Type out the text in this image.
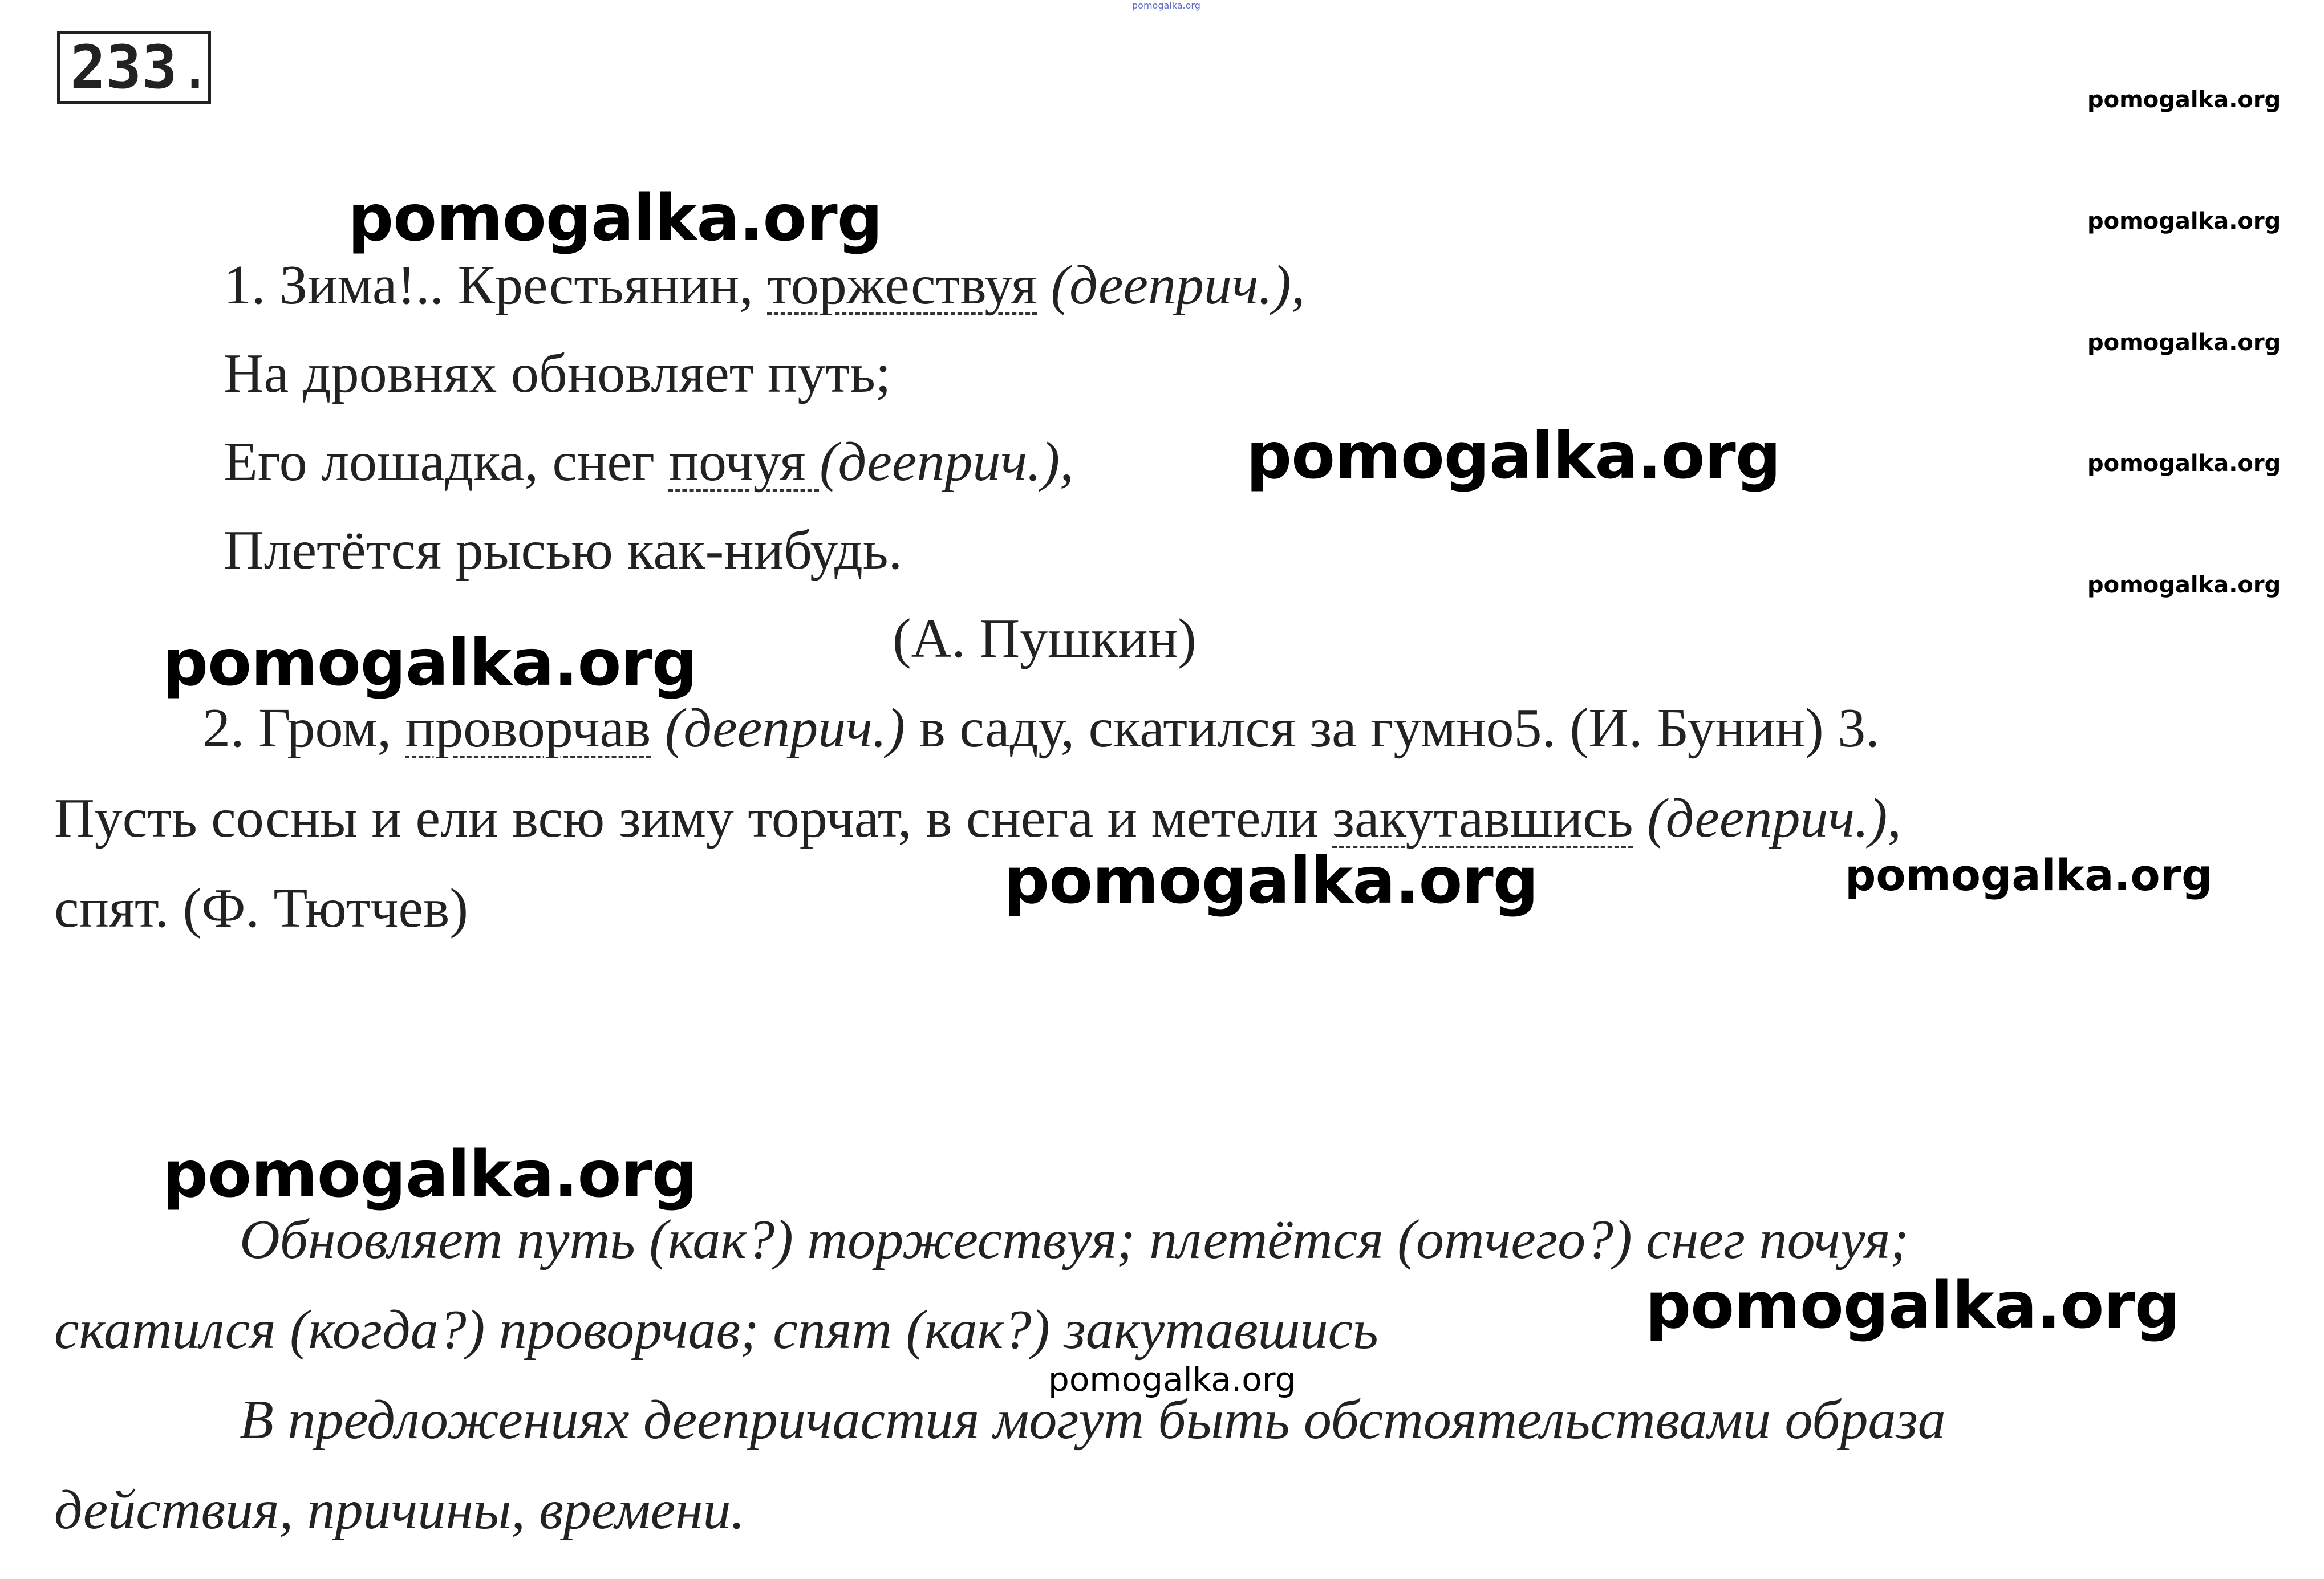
pomogalka.org
233.	pomogalka.org
pomogalka.org
pomogalka.org
pomogalka.org
pomogalka.org
pomogalka.org
pomogalka.org
pomogalka.org
pomogalka.org	pomogalka.org
pomogalka.org
pomogalka.org
pomogalka.org
1. Зима!.. Крестьянин, торжествуя (дееприч.),
На дровнях обновляет путь;
Его лошадка, снег почуя (дееприч.),
Плетётся рысью как-нибудь.
(А. Пушкин)
2. Гром, проворчав (дееприч.) в саду, скатился за гумно5. (И. Бунин) 3.
Пусть сосны и ели всю зиму торчат, в снега и метели закутавшись (дееприч.),
спят. (Ф. Тютчев)
Обновляет путь (как?) торжествуя; плетётся (отчего?) снег почуя;
скатился (когда?) проворчав; спят (как?) закутавшись
В предложениях деепричастия могут быть обстоятельствами образа
действия, причины, времени.
